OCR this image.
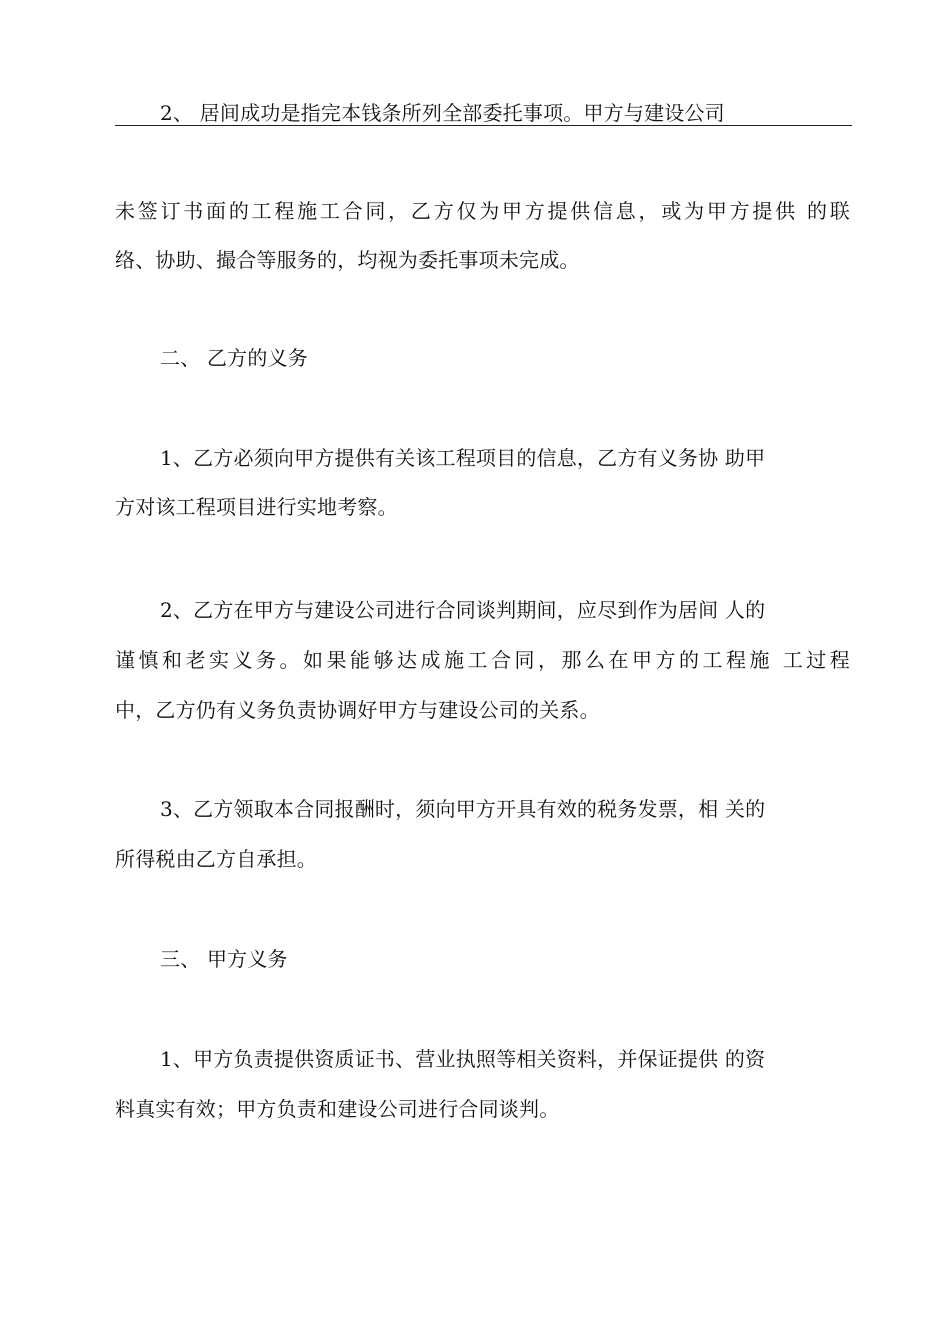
2、 居间成功是指完本钱条所列全部委托事项。甲方与建设公司
未签订书面的工程施工合同，乙方仅为甲方提供信息，或为甲方提供 的联
络、协助、撮合等服务的，均视为委托事项未完成。
二、 乙方的义务
1、乙方必须向甲方提供有关该工程项目的信息，乙方有义务协 助甲
方对该工程项目进行实地考察。
2、乙方在甲方与建设公司进行合同谈判期间，应尽到作为居间 人的
谨慎和老实义务。如果能够达成施工合同，那么在甲方的工程施 工过程
中，乙方仍有义务负责协调好甲方与建设公司的关系。
3、乙方领取本合同报酬时，须向甲方开具有效的税务发票，相 关的
所得税由乙方自承担。
三、 甲方义务
1、甲方负责提供资质证书、营业执照等相关资料，并保证提供 的资
料真实有效；甲方负责和建设公司进行合同谈判。
